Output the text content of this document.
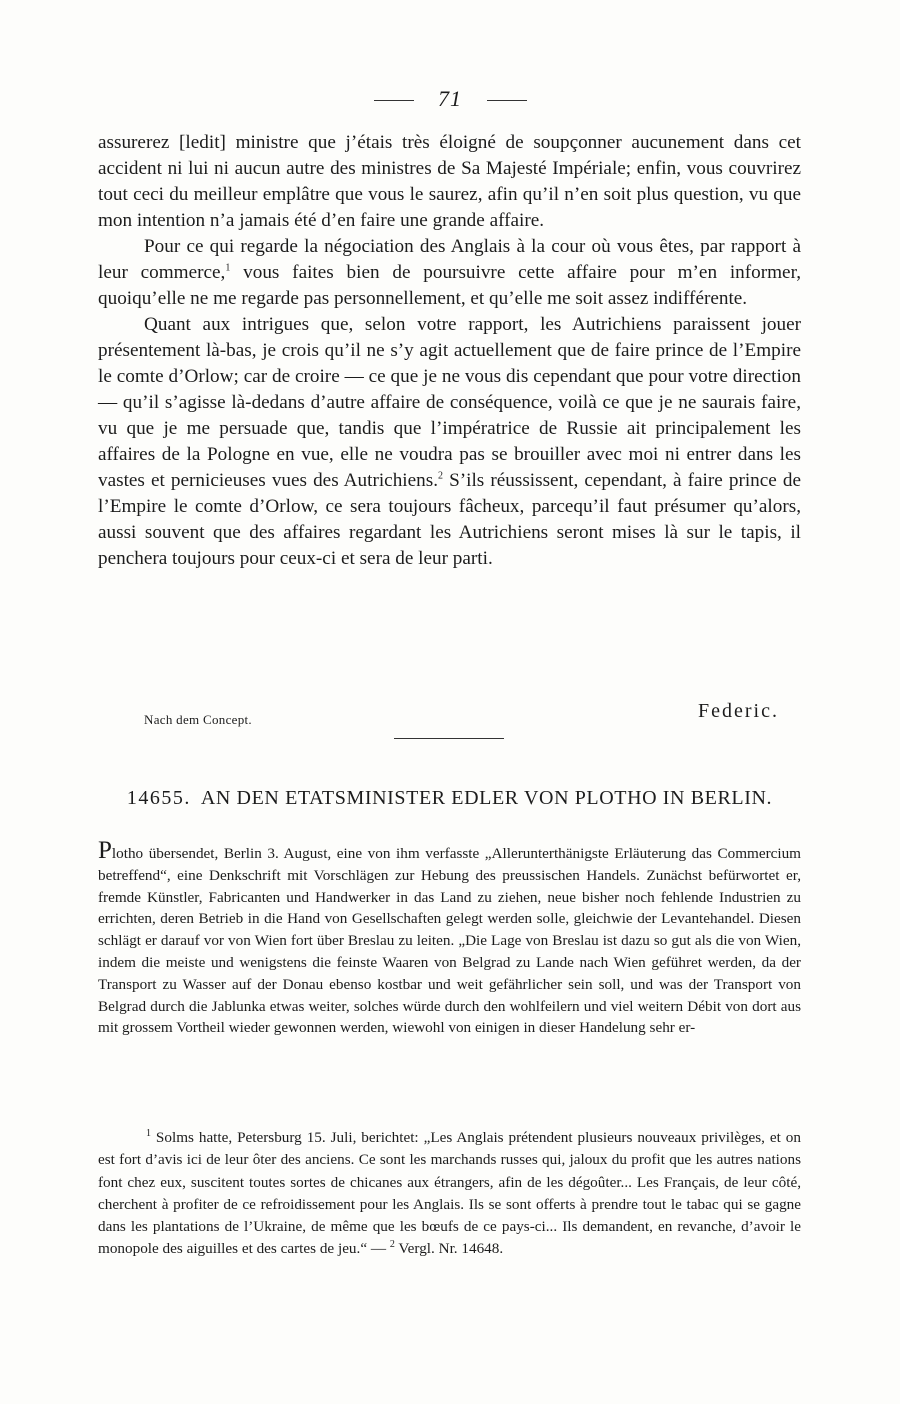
71

assurerez [ledit] ministre que j’étais très éloigné de soupçonner aucunement dans cet accident ni lui ni aucun autre des ministres de Sa Majesté Impériale; enfin, vous couvrirez tout ceci du meilleur emplâtre que vous le saurez, afin qu’il n’en soit plus question, vu que mon intention n’a jamais été d’en faire une grande affaire.

Pour ce qui regarde la négociation des Anglais à la cour où vous êtes, par rapport à leur commerce,$^1$ vous faites bien de poursuivre cette affaire pour m’en informer, quoiqu’elle ne me regarde pas personnellement, et qu’elle me soit assez indifférente.

Quant aux intrigues que, selon votre rapport, les Autrichiens paraissent jouer présentement là-bas, je crois qu’il ne s’y agit actuellement que de faire prince de l’Empire le comte d’Orlow; car de croire — ce que je ne vous dis cependant que pour votre direction — qu’il s’agisse là-dedans d’autre affaire de conséquence, voilà ce que je ne saurais faire, vu que je me persuade que, tandis que l’impératrice de Russie ait principalement les affaires de la Pologne en vue, elle ne voudra pas se brouiller avec moi ni entrer dans les vastes et pernicieuses vues des Autrichiens.$^2$ S’ils réussissent, cependant, à faire prince de l’Empire le comte d’Orlow, ce sera toujours fâcheux, parcequ’il faut présumer qu’alors, aussi souvent que des affaires regardant les Autrichiens seront mises là sur le tapis, il penchera toujours pour ceux-ci et sera de leur parti.

Nach dem Concept.	Federic.
14655. AN DEN ETATSMINISTER EDLER VON PLOTHO IN BERLIN.

Plotho übersendet, Berlin 3. August, eine von ihm verfasste „Allerunterthänigste Erläuterung das Commercium betreffend“, eine Denkschrift mit Vorschlägen zur Hebung des preussischen Handels. Zunächst befürwortet er, fremde Künstler, Fabricanten und Handwerker in das Land zu ziehen, neue bisher noch fehlende Industrien zu errichten, deren Betrieb in die Hand von Gesellschaften gelegt werden solle, gleichwie der Levantehandel. Diesen schlägt er darauf vor von Wien fort über Breslau zu leiten. „Die Lage von Breslau ist dazu so gut als die von Wien, indem die meiste und wenigstens die feinste Waaren von Belgrad zu Lande nach Wien geführet werden, da der Transport zu Wasser auf der Donau ebenso kostbar und weit gefährlicher sein soll, und was der Transport von Belgrad durch die Jablunka etwas weiter, solches würde durch den wohlfeilern und viel weitern Débit von dort aus mit grossem Vortheil wieder gewonnen werden, wiewohl von einigen in dieser Handelung sehr er-

$^1$ Solms hatte, Petersburg 15. Juli, berichtet: „Les Anglais prétendent plusieurs nouveaux privilèges, et on est fort d’avis ici de leur ôter des anciens. Ce sont les marchands russes qui, jaloux du profit que les autres nations font chez eux, suscitent toutes sortes de chicanes aux étrangers, afin de les dégoûter... Les Français, de leur côté, cherchent à profiter de ce refroidissement pour les Anglais. Ils se sont offerts à prendre tout le tabac qui se gagne dans les plantations de l’Ukraine, de même que les bœufs de ce pays-ci... Ils demandent, en revanche, d’avoir le monopole des aiguilles et des cartes de jeu.“ — $^2$ Vergl. Nr. 14648.
